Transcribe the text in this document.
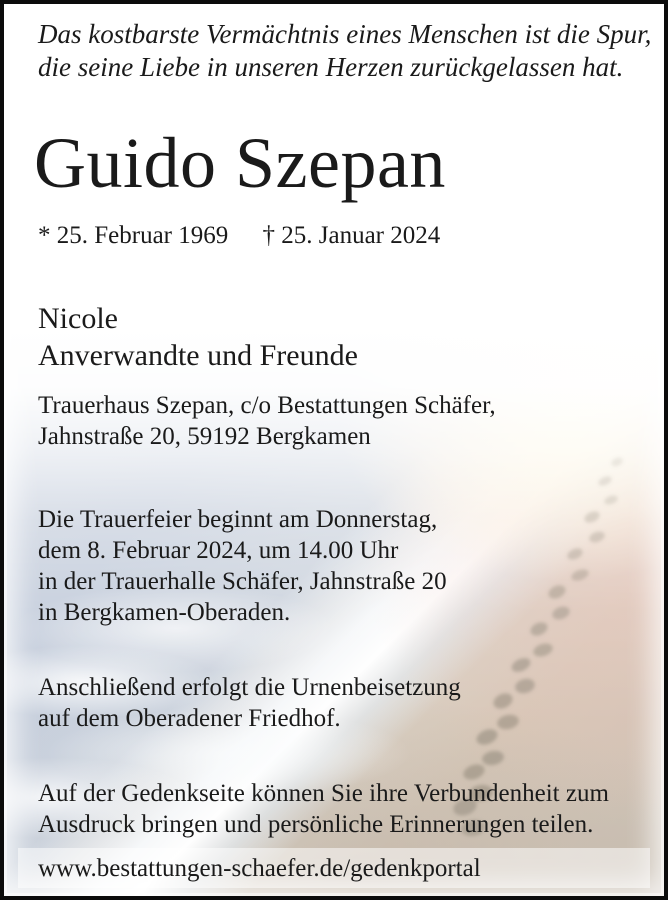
Das kostbarste Vermächtnis eines Menschen ist die Spur,
die seine Liebe in unseren Herzen zurückgelassen hat.
Guido Szepan
* 25. Februar 1969 † 25. Januar 2024
Nicole
Anverwandte und Freunde
Trauerhaus Szepan, c/o Bestattungen Schäfer,
Jahnstraße 20, 59192 Bergkamen
Die Trauerfeier beginnt am Donnerstag,
dem 8. Februar 2024, um 14.00 Uhr
in der Trauerhalle Schäfer, Jahnstraße 20
in Bergkamen-Oberaden.
Anschließend erfolgt die Urnenbeisetzung
auf dem Oberadener Friedhof.
Auf der Gedenkseite können Sie ihre Verbundenheit zum
Ausdruck bringen und persönliche Erinnerungen teilen.
www.bestattungen-schaefer.de/gedenkportal
